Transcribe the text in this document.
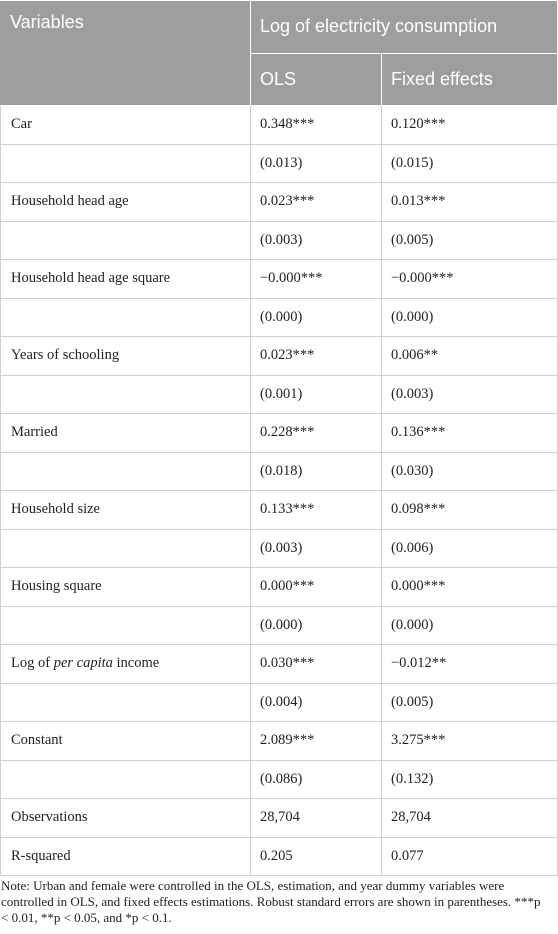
Variables	Log of electricity consumption	
	OLS	Fixed effects
Car	0.348***	0.120***
	(0.013)	(0.015)
Household head age	0.023***	0.013***
	(0.003)	(0.005)
Household head age square	−0.000***	−0.000***
	(0.000)	(0.000)
Years of schooling	0.023***	0.006**
	(0.001)	(0.003)
Married	0.228***	0.136***
	(0.018)	(0.030)
Household size	0.133***	0.098***
	(0.003)	(0.006)
Housing square	0.000***	0.000***
	(0.000)	(0.000)
Log of per capita income	0.030***	−0.012**
	(0.004)	(0.005)
Constant	2.089***	3.275***
	(0.086)	(0.132)
Observations	28,704	28,704
R-squared	0.205	0.077
Note: Urban and female were controlled in the OLS, estimation, and year dummy variables were controlled in OLS, and fixed effects estimations. Robust standard errors are shown in parentheses. ***p < 0.01, **p < 0.05, and *p < 0.1.
